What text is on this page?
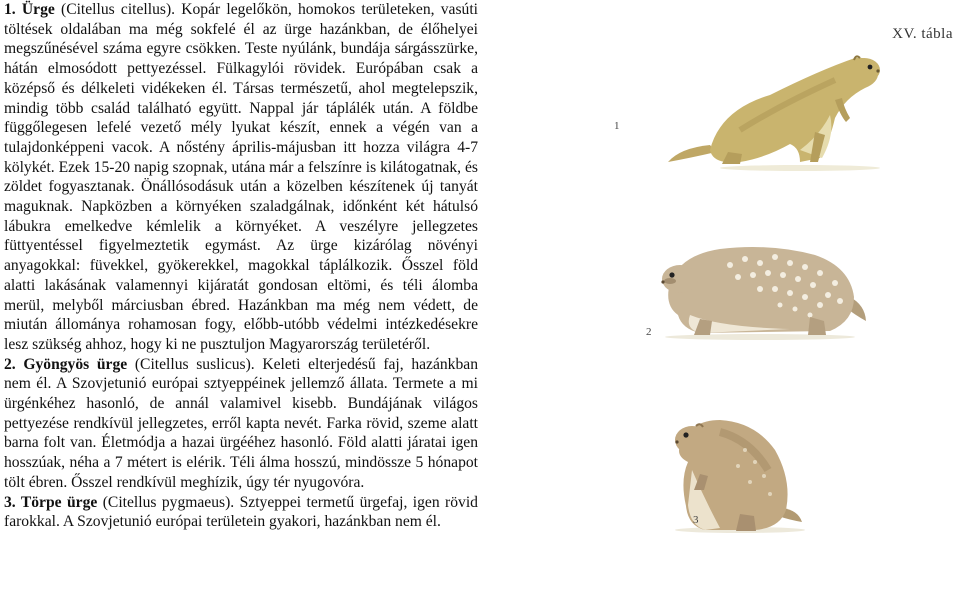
1. Ürge (Citellus citellus). Kopár legelőkön, homokos területeken, vasúti töltések oldalában ma még sokfelé él az ürge hazánkban, de élőhelyei megszűnésével száma egyre csökken. Teste nyúlánk, bundája sárgásszürke, hátán elmosódott pettyezéssel. Fülkagylói rövidek. Európában csak a középső és délkeleti vidékeken él. Társas természetű, ahol megtelepszik, mindig több család található együtt. Nappal jár táplálék után. A földbe függőlegesen lefelé vezető mély lyukat készít, ennek a végén van a tulajdonképpeni vacok. A nőstény április-májusban itt hozza világra 4-7 kölykét. Ezek 15-20 napig szopnak, utána már a felszínre is kilátogatnak, és zöldet fogyasztanak. Önállósodásuk után a közelben készítenek új tanyát maguknak. Napközben a környéken szaladgálnak, időnként két hátulsó lábukra emelkedve kémlelik a környéket. A veszélyre jellegzetes füttyentéssel figyelmeztetik egymást. Az ürge kizárólag növényi anyagokkal: füvekkel, gyökerekkel, magokkal táplálkozik. Ősszel föld alatti lakásának valamennyi kijáratát gondosan eltömi, és téli álomba merül, melyből márciusban ébred. Hazánkban ma még nem védett, de miután állománya rohamosan fogy, előbb-utóbb védelmi intézkedésekre lesz szükség ahhoz, hogy ki ne pusztuljon Magyarország területéről.

2. Gyöngyös ürge (Citellus suslicus). Keleti elterjedésű faj, hazánkban nem él. A Szovjetunió európai sztyeppéinek jellemző állata. Termete a mi ürgénkéhez hasonló, de annál valamivel kisebb. Bundájának világos pettyezése rendkívül jellegzetes, erről kapta nevét. Farka rövid, szeme alatt barna folt van. Életmódja a hazai ürgééhez hasonló. Föld alatti járatai igen hosszúak, néha a 7 métert is elérik. Téli álma hosszú, mindössze 5 hónapot tölt ébren. Ősszel rendkívül meghízik, úgy tér nyugovóra.

3. Törpe ürge (Citellus pygmaeus). Sztyeppei termetű ürgefaj, igen rövid farokkal. A Szovjetunió európai területein gyakori, hazánkban nem él.

XV. tábla
1
2
3
